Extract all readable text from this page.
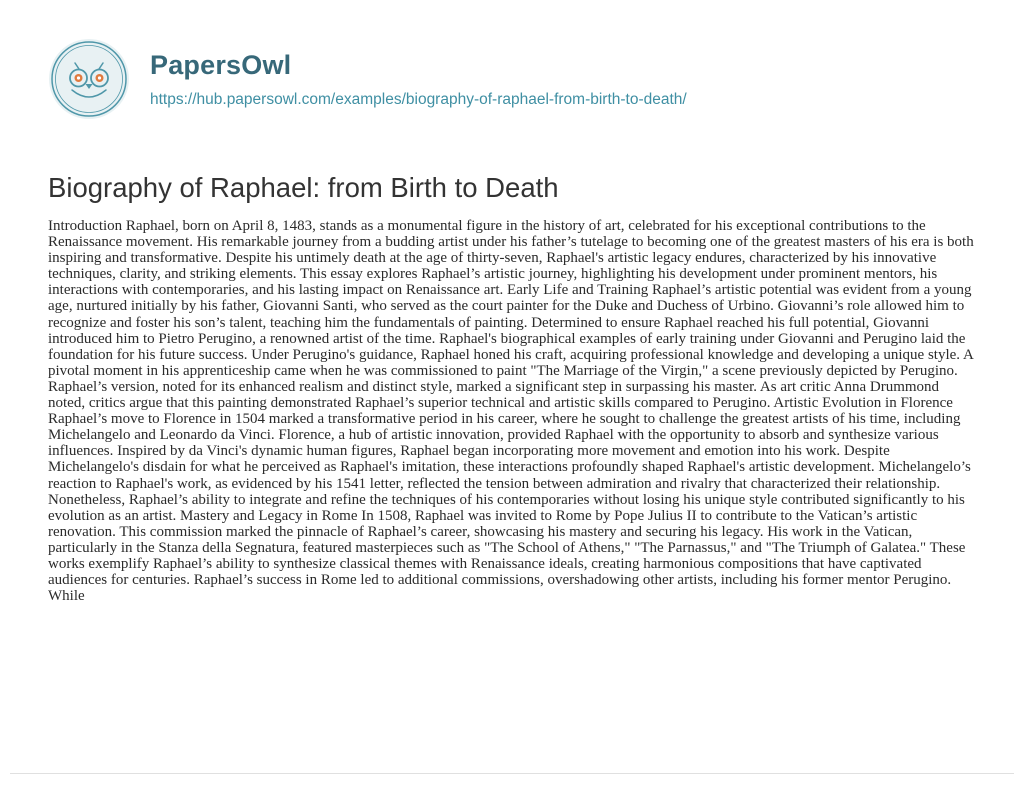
PapersOwl
https://hub.papersowl.com/examples/biography-of-raphael-from-birth-to-death/
Biography of Raphael: from Birth to Death

Introduction Raphael, born on April 8, 1483, stands as a monumental figure in the history of art, celebrated for his exceptional contributions to the Renaissance movement. His remarkable journey from a budding artist under his father’s tutelage to becoming one of the greatest masters of his era is both inspiring and transformative. Despite his untimely death at the age of thirty-seven, Raphael's artistic legacy endures, characterized by his innovative techniques, clarity, and striking elements. This essay explores Raphael’s artistic journey, highlighting his development under prominent mentors, his interactions with contemporaries, and his lasting impact on Renaissance art. Early Life and Training Raphael’s artistic potential was evident from a young age, nurtured initially by his father, Giovanni Santi, who served as the court painter for the Duke and Duchess of Urbino. Giovanni’s role allowed him to recognize and foster his son’s talent, teaching him the fundamentals of painting. Determined to ensure Raphael reached his full potential, Giovanni introduced him to Pietro Perugino, a renowned artist of the time. Raphael's biographical examples of early training under Giovanni and Perugino laid the foundation for his future success. Under Perugino's guidance, Raphael honed his craft, acquiring professional knowledge and developing a unique style. A pivotal moment in his apprenticeship came when he was commissioned to paint "The Marriage of the Virgin," a scene previously depicted by Perugino. Raphael’s version, noted for its enhanced realism and distinct style, marked a significant step in surpassing his master. As art critic Anna Drummond noted, critics argue that this painting demonstrated Raphael’s superior technical and artistic skills compared to Perugino. Artistic Evolution in Florence Raphael’s move to Florence in 1504 marked a transformative period in his career, where he sought to challenge the greatest artists of his time, including Michelangelo and Leonardo da Vinci. Florence, a hub of artistic innovation, provided Raphael with the opportunity to absorb and synthesize various influences. Inspired by da Vinci's dynamic human figures, Raphael began incorporating more movement and emotion into his work. Despite Michelangelo's disdain for what he perceived as Raphael's imitation, these interactions profoundly shaped Raphael's artistic development. Michelangelo’s reaction to Raphael's work, as evidenced by his 1541 letter, reflected the tension between admiration and rivalry that characterized their relationship. Nonetheless, Raphael’s ability to integrate and refine the techniques of his contemporaries without losing his unique style contributed significantly to his evolution as an artist. Mastery and Legacy in Rome In 1508, Raphael was invited to Rome by Pope Julius II to contribute to the Vatican’s artistic renovation. This commission marked the pinnacle of Raphael’s career, showcasing his mastery and securing his legacy. His work in the Vatican, particularly in the Stanza della Segnatura, featured masterpieces such as "The School of Athens," "The Parnassus," and "The Triumph of Galatea." These works exemplify Raphael’s ability to synthesize classical themes with Renaissance ideals, creating harmonious compositions that have captivated audiences for centuries. Raphael’s success in Rome led to additional commissions, overshadowing other artists, including his former mentor Perugino. While
